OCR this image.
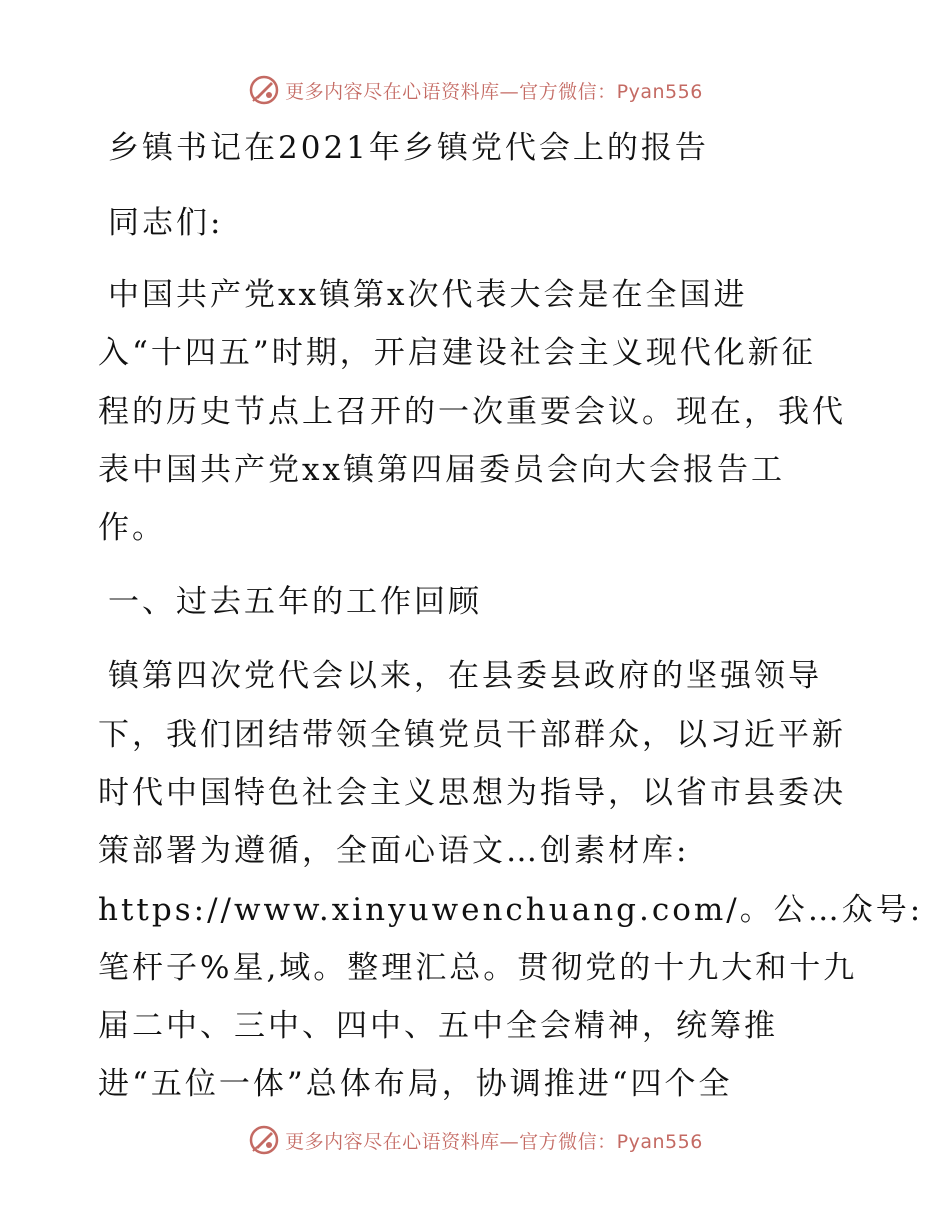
更多内容尽在心语资料库—官方微信：Pyan556
乡镇书记在2021年乡镇党代会上的报告
同志们:
中国共产党xx镇第x次代表大会是在全国进
入“十四五”时期，开启建设社会主义现代化新征
程的历史节点上召开的一次重要会议。现在，我代
表中国共产党xx镇第四届委员会向大会报告工
作。
一、过去五年的工作回顾
镇第四次党代会以来，在县委县政府的坚强领导
下，我们团结带领全镇党员干部群众，以习近平新
时代中国特色社会主义思想为指导，以省市县委决
策部署为遵循，全面心语文…创素材库:
https://www.xinyuwenchuang.com/。公…众号:
笔杆子%星,域。整理汇总。贯彻党的十九大和十九
届二中、三中、四中、五中全会精神，统筹推
进“五位一体”总体布局，协调推进“四个全
更多内容尽在心语资料库—官方微信：Pyan556
